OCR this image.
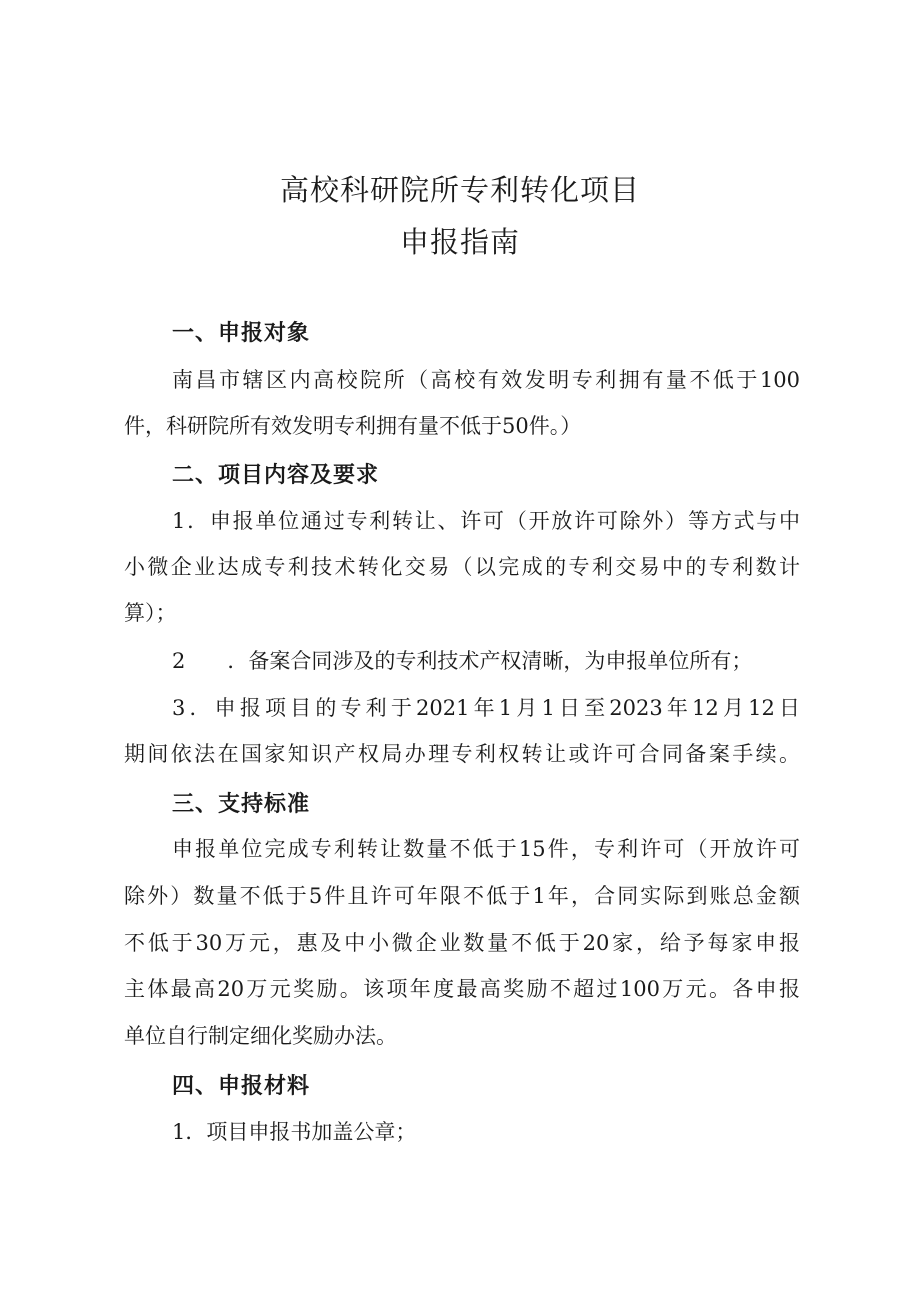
高校科研院所专利转化项目
申报指南
一、申报对象
南昌市辖区内高校院所（高校有效发明专利拥有量不低于100
件，科研院所有效发明专利拥有量不低于50件。）
二、项目内容及要求
1．申报单位通过专利转让、许可（开放许可除外）等方式与中
小微企业达成专利技术转化交易（以完成的专利交易中的专利数计
算）；
2　　．备案合同涉及的专利技术产权清晰，为申报单位所有；
3．申报项目的专利于2021年1月1日至2023年12月12日
期间依法在国家知识产权局办理专利权转让或许可合同备案手续。
三、支持标准
申报单位完成专利转让数量不低于15件，专利许可（开放许可
除外）数量不低于5件且许可年限不低于1年，合同实际到账总金额
不低于30万元，惠及中小微企业数量不低于20家，给予每家申报
主体最高20万元奖励。该项年度最高奖励不超过100万元。各申报
单位自行制定细化奖励办法。
四、申报材料
1．项目申报书加盖公章；
